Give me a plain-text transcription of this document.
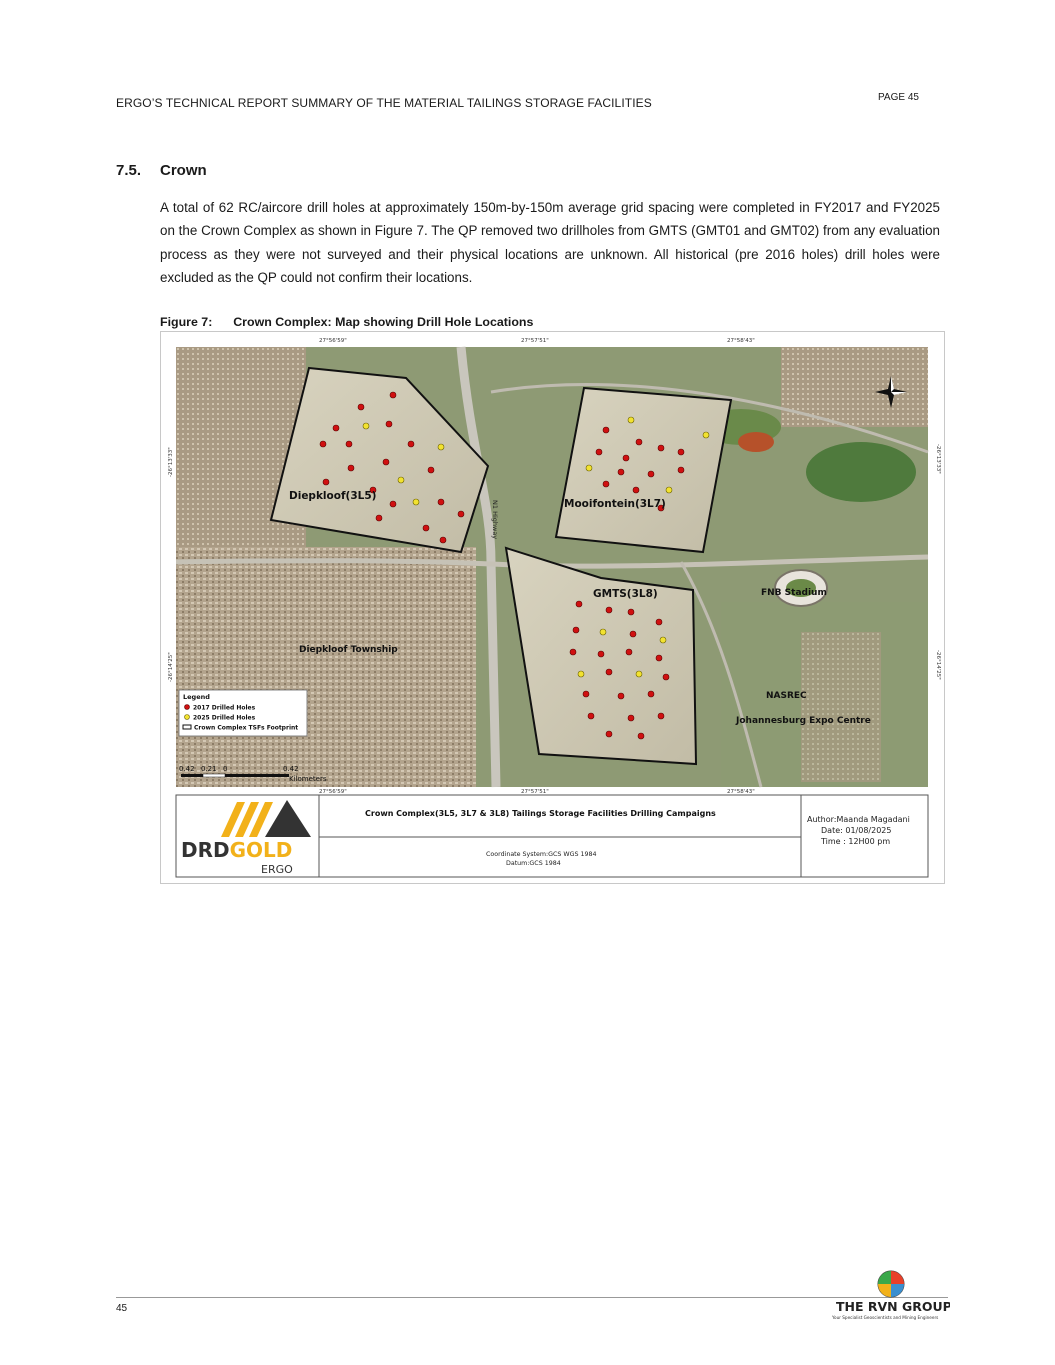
ERGO’S TECHNICAL REPORT SUMMARY OF THE MATERIAL TAILINGS STORAGE FACILITIES	PAGE 45
7.5. Crown
A total of 62 RC/aircore drill holes at approximately 150m-by-150m average grid spacing were completed in FY2017 and FY2025 on the Crown Complex as shown in Figure 7. The QP removed two drillholes from GMTS (GMT01 and GMT02) from any evaluation process as they were not surveyed and their physical locations are unknown. All historical (pre 2016 holes) drill holes were excluded as the QP could not confirm their locations.
Figure 7: Crown Complex: Map showing Drill Hole Locations
Diepkloof(3L5)
Mooifontein(3L7)
GMTS(3L8)	FNB Stadium
Diepkloof Township
NASREC
Johannesburg Expo Centre
N1 Highway
27°56'59"	27°57'51"	27°58'43"
27°56'59"	27°57'51"	27°58'43"
-26°13'33"
-26°14'25"
-26°13'33"
-26°14'25"
Legend
2017 Drilled Holes
2025 Drilled Holes
Crown Complex TSFs Footprint
0.42 0.21 0	0.42
Kilometers
DRDGOLD
ERGO
Crown Complex(3L5, 3L7 & 3L8) Tailings Storage Facilities Drilling Campaigns
Coordinate System:GCS WGS 1984
Datum:GCS 1984
Author:Maanda Magadani
Date: 01/08/2025
Time : 12H00 pm
45	THE RVN GROUP
Your Specialist Geoscientists and Mining Engineers
